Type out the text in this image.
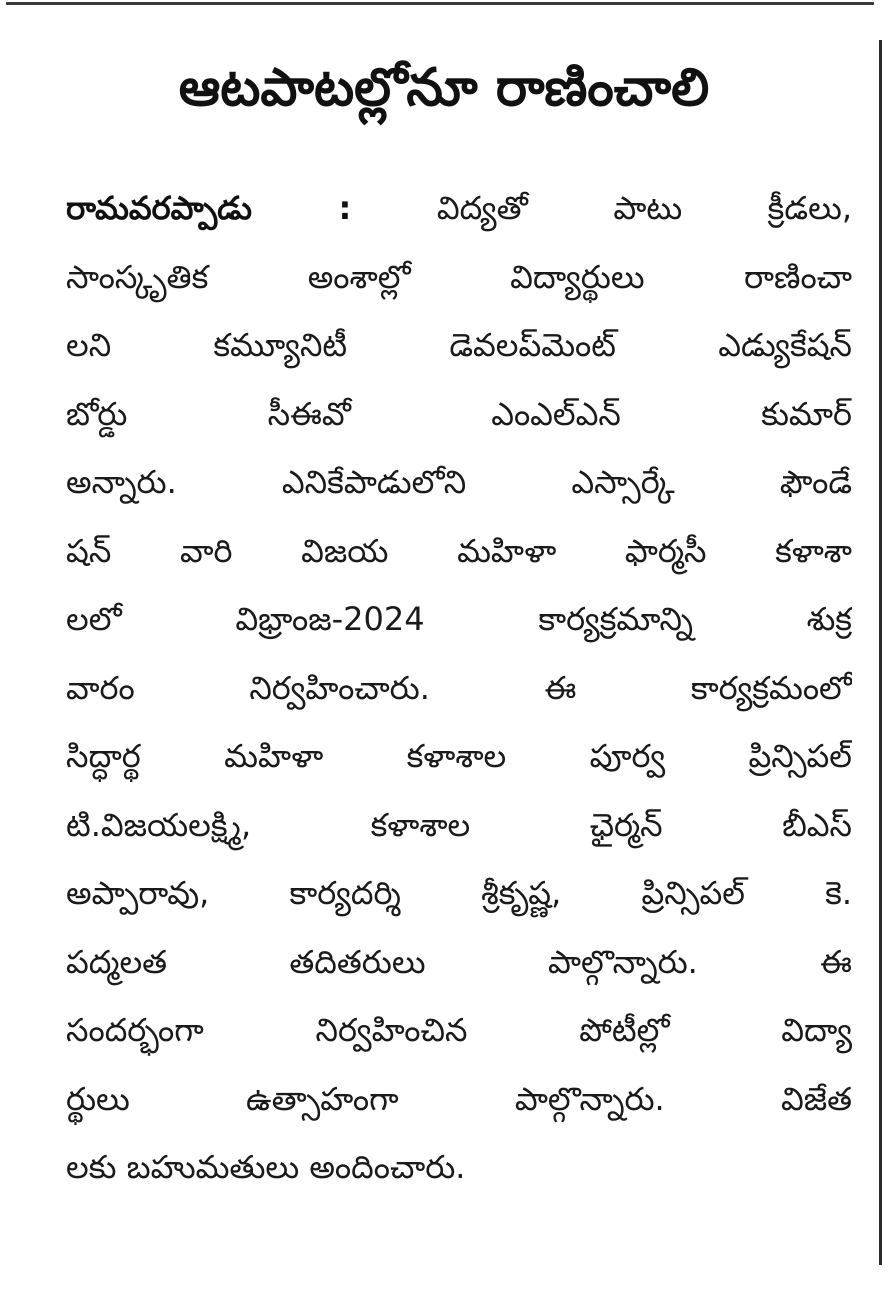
ఆటపాటల్లోనూ రాణించాలి
రామవరప్పాడు :	విద్యతో పాటు క్రీడలు,
సాంస్కృతిక అంశాల్లో విద్యార్థులు రాణించా
లని కమ్యూనిటీ డెవలప్‌మెంట్ ఎడ్యుకేషన్
బోర్డు సీఈవో ఎంఎల్‌ఎన్ కుమార్
అన్నారు. ఎనికేపాడులోని ఎస్సార్కే ఫౌండే
షన్ వారి విజయ మహిళా ఫార్మసీ కళాశా
లలో విభ్రాంజ-2024 కార్యక్రమాన్ని శుక్ర
వారం నిర్వహించారు. ఈ కార్యక్రమంలో
సిద్ధార్థ మహిళా కళాశాల పూర్వ ప్రిన్సిపల్
టి.విజయలక్ష్మి, కళాశాల ఛైర్మన్ బీఎస్
అప్పారావు, కార్యదర్శి శ్రీకృష్ణ, ప్రిన్సిపల్ కె.
పద్మలత తదితరులు పాల్గొన్నారు. ఈ
సందర్భంగా నిర్వహించిన పోటీల్లో విద్యా
ర్థులు ఉత్సాహంగా పాల్గొన్నారు. విజేత
లకు బహుమతులు అందించారు.
